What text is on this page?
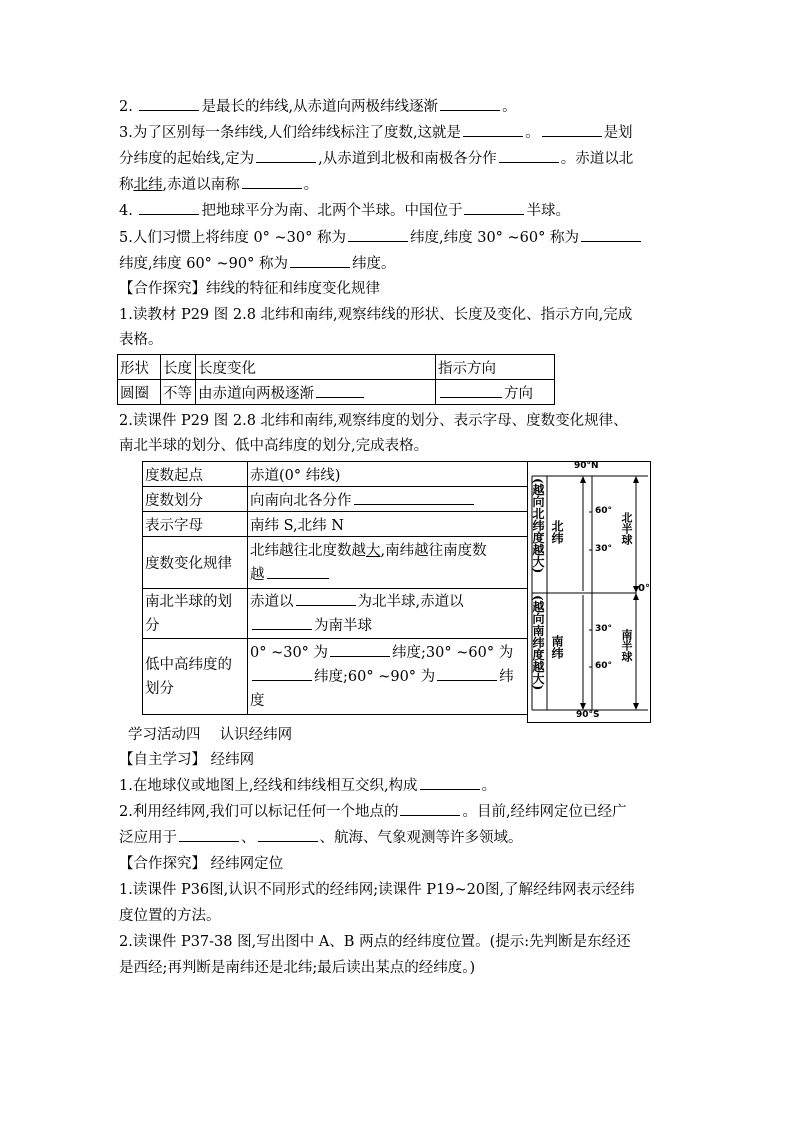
2.	是最长的纬线,从赤道向两极纬线逐渐	。
3.为了区别每一条纬线,人们给纬线标注了度数,这就是	。	是划
分纬度的起始线,定为	,从赤道到北极和南极各分作	。赤道以北
称北纬,赤道以南称	。
4.	把地球平分为南、北两个半球。中国位于	半球。
5.人们习惯上将纬度 0° ~30° 称为	纬度,纬度 30° ~60° 称为
纬度,纬度 60° ~90° 称为	纬度。
【合作探究】纬线的特征和纬度变化规律
1.读教材 P29 图 2.8 北纬和南纬,观察纬线的形状、长度及变化、指示方向,完成
表格。
形状	长度	长度变化	指示方向
圆圈	不等	由赤道向两极逐渐	方向
2.读课件 P29 图 2.8 北纬和南纬,观察纬度的划分、表示字母、度数变化规律、
南北半球的划分、低中高纬度的划分,完成表格。
度数起点	赤道(0° 纬线)
度数划分	向南向北各分作
表示字母	南纬 S,北纬 N
度数变化规律	北纬越往北度数越大,南纬越往南度数
越
南北半球的划
分	赤道以 为北半球,赤道以
为南半球
低中高纬度的
划分	0° ~30° 为 纬度;30° ~60° 为
纬度;60° ~90° 为 纬
度
90°N
90°S
0°
(越向北纬度越大)
(越向南纬度越大)
北纬
南纬
60°
30°
30°
60°
北半球
南半球
学习活动四　 认识经纬网
【自主学习】 经纬网
1.在地球仪或地图上,经线和纬线相互交织,构成	。
2.利用经纬网,我们可以标记任何一个地点的	。目前,经纬网定位已经广
泛应用于	、	、航海、气象观测等许多领域。
【合作探究】 经纬网定位
1.读课件 P36图,认识不同形式的经纬网;读课件 P19~20图,了解经纬网表示经纬
度位置的方法。
2.读课件 P37-38 图,写出图中 A、B 两点的经纬度位置。(提示:先判断是东经还
是西经;再判断是南纬还是北纬;最后读出某点的经纬度。)
